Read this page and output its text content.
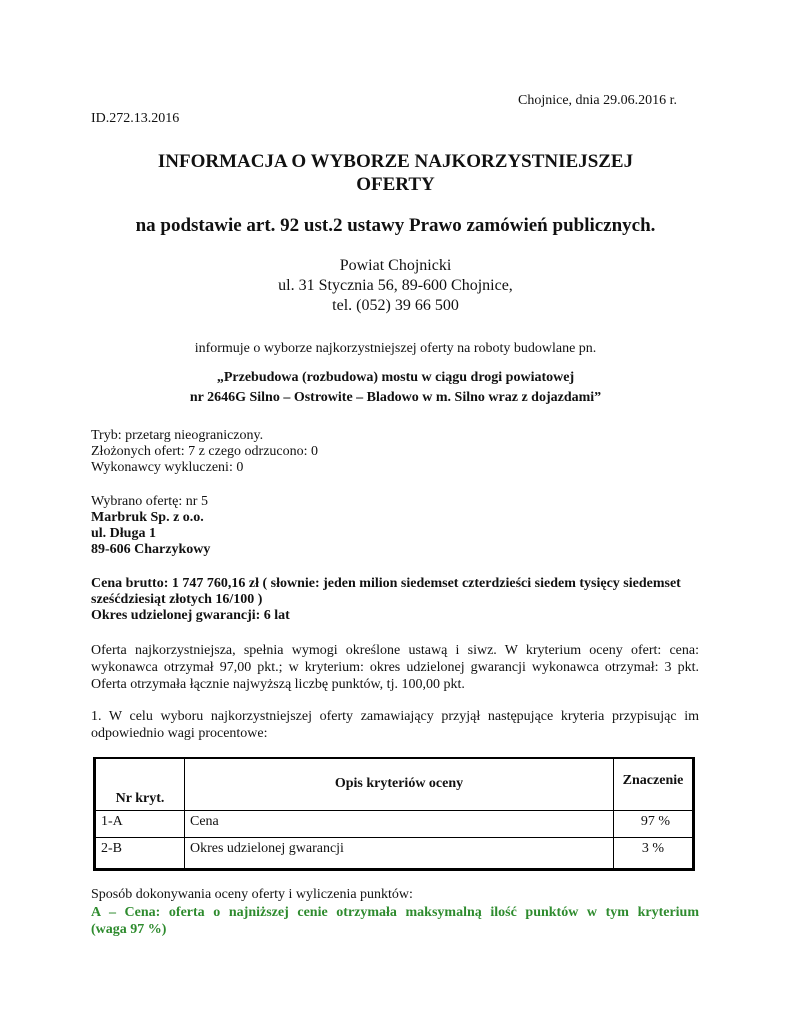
Chojnice, dnia 29.06.2016 r.
ID.272.13.2016
INFORMACJA O WYBORZE NAJKORZYSTNIEJSZEJ
OFERTY
na podstawie art. 92 ust.2 ustawy Prawo zamówień publicznych.
Powiat Chojnicki
ul. 31 Stycznia 56, 89-600 Chojnice,
tel. (052) 39 66 500
informuje o wyborze najkorzystniejszej oferty na roboty budowlane pn.
„Przebudowa (rozbudowa) mostu w ciągu drogi powiatowej
nr 2646G Silno – Ostrowite – Bladowo w m. Silno wraz z dojazdami”
Tryb: przetarg nieograniczony.
Złożonych ofert: 7 z czego odrzucono: 0
Wykonawcy wykluczeni: 0
Wybrano ofertę: nr 5
Marbruk Sp. z o.o.
ul. Długa 1
89-606 Charzykowy
Cena brutto: 1 747 760,16 zł ( słownie: jeden milion siedemset czterdzieści siedem tysięcy siedemset
sześćdziesiąt złotych 16/100 )
Okres udzielonej gwarancji: 6 lat
Oferta najkorzystniejsza, spełnia wymogi określone ustawą i siwz. W kryterium oceny ofert: cena:
wykonawca otrzymał 97,00 pkt.; w kryterium: okres udzielonej gwarancji wykonawca otrzymał: 3 pkt.
Oferta otrzymała łącznie najwyższą liczbę punktów, tj. 100,00 pkt.
1. W celu wyboru najkorzystniejszej oferty zamawiający przyjął następujące kryteria przypisując im
odpowiednio wagi procentowe:
Nr kryt.	Opis kryteriów oceny	Znaczenie
1-A	Cena	97 %
2-B	Okres udzielonej gwarancji	3 %
Sposób dokonywania oceny oferty i wyliczenia punktów:
A – Cena: oferta o najniższej cenie otrzymała maksymalną ilość punktów w tym kryterium
(waga 97 %)
